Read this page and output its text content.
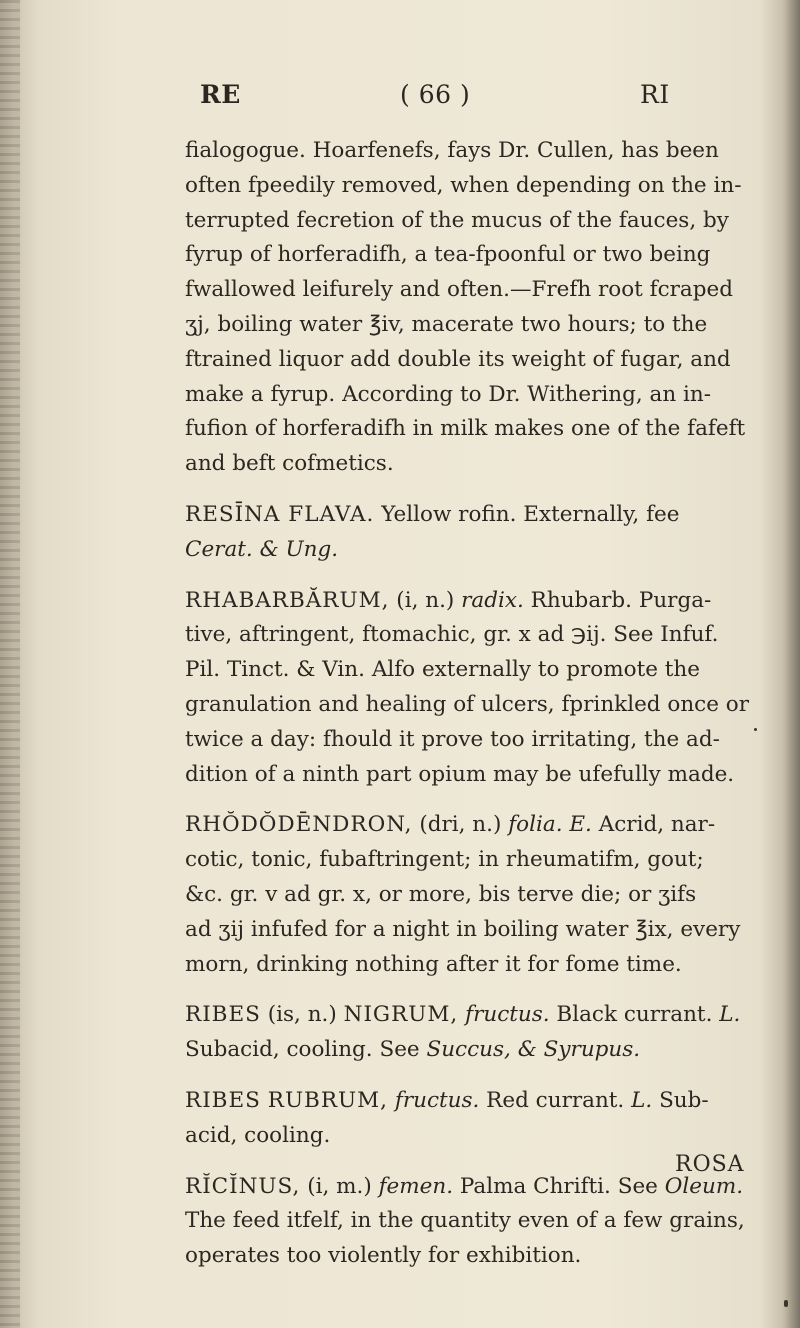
RE	( 66 )	RI
fialogogue. Hoarfenefs, fays Dr. Cullen, has been
often fpeedily removed, when depending on the in-
terrupted fecretion of the mucus of the fauces, by
fyrup of horferadifh, a tea-fpoonful or two being
fwallowed leifurely and often.—Frefh root fcraped
ʒj, boiling water ℥iv, macerate two hours; to the
ftrained liquor add double its weight of fugar, and
make a fyrup. According to Dr. Withering, an in-
fufion of horferadifh in milk makes one of the fafeft
and beft cofmetics.
RESĪNA FLAVA. Yellow rofin. Externally, fee
Cerat. & Ung.
RHABARBĂRUM, (i, n.) radix. Rhubarb. Purga-
tive, aftringent, ftomachic, gr. x ad ℈ij. See Infuf.
Pil. Tinct. & Vin. Alfo externally to promote the
granulation and healing of ulcers, fprinkled once or
twice a day: fhould it prove too irritating, the ad-
dition of a ninth part opium may be ufefully made.
RHŎDŎDĒNDRON, (dri, n.) folia. E. Acrid, nar-
cotic, tonic, fubaftringent; in rheumatifm, gout;
&c. gr. v ad gr. x, or more, bis terve die; or ʒifs
ad ʒij infufed for a night in boiling water ℥ix, every
morn, drinking nothing after it for fome time.
RIBES (is, n.) NIGRUM, fructus. Black currant. L.
Subacid, cooling. See Succus, & Syrupus.
RIBES RUBRUM, fructus. Red currant. L. Sub-
acid, cooling.
RĬCĬNUS, (i, m.) femen. Palma Chrifti. See Oleum.
The feed itfelf, in the quantity even of a few grains,
operates too violently for exhibition.
ROSA
